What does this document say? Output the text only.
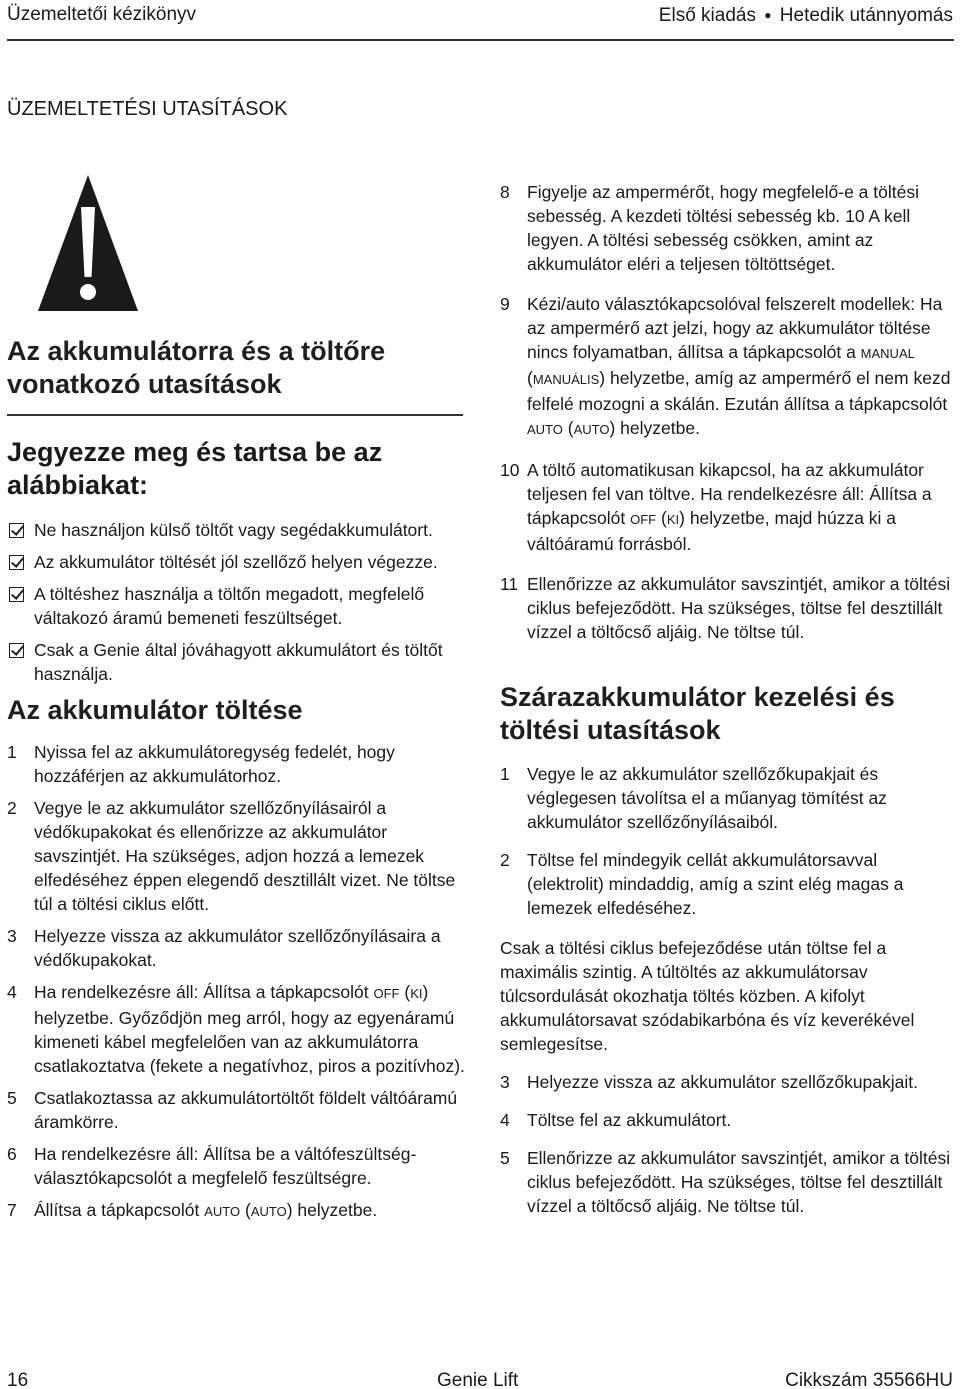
Üzemeltetői kézikönyv	Első kiadás ● Hetedik utánnyomás
ÜZEMELTETÉSI UTASÍTÁSOK
Az akkumulátorra és a töltőre vonatkozó utasítások
Jegyezze meg és tartsa be az alábbiakat:
Ne használjon külső töltőt vagy segédakkumulátort.
Az akkumulátor töltését jól szellőző helyen végezze.
A töltéshez használja a töltőn megadott, megfelelő váltakozó áramú bemeneti feszültséget.
Csak a Genie által jóváhagyott akkumulátort és töltőt használja.
Az akkumulátor töltése
1 Nyissa fel az akkumulátoregység fedelét, hogy hozzáférjen az akkumulátorhoz.
2 Vegye le az akkumulátor szellőzőnyílásairól a védőkupakokat és ellenőrizze az akkumulátor savszintjét. Ha szükséges, adjon hozzá a lemezek elfedéséhez éppen elegendő desztillált vizet. Ne töltse túl a töltési ciklus előtt.
3 Helyezze vissza az akkumulátor szellőzőnyílásaira a védőkupakokat.
4 Ha rendelkezésre áll: Állítsa a tápkapcsolót OFF (KI) helyzetbe. Győződjön meg arról, hogy az egyenáramú kimeneti kábel megfelelően van az akkumulátorra csatlakoztatva (fekete a negatívhoz, piros a pozitívhoz).
5 Csatlakoztassa az akkumulátortöltőt földelt váltóáramú áramkörre.
6 Ha rendelkezésre áll: Állítsa be a váltófeszültség-választókapcsolót a megfelelő feszültségre.
7 Állítsa a tápkapcsolót AUTO (AUTO) helyzetbe.
8 Figyelje az ampermérőt, hogy megfelelő-e a töltési sebesség. A kezdeti töltési sebesség kb. 10 A kell legyen. A töltési sebesség csökken, amint az akkumulátor eléri a teljesen töltöttséget.
9 Kézi/auto választókapcsolóval felszerelt modellek: Ha az ampermérő azt jelzi, hogy az akkumulátor töltése nincs folyamatban, állítsa a tápkapcsolót a MANUAL (MANUÁLIS) helyzetbe, amíg az ampermérő el nem kezd felfelé mozogni a skálán. Ezután állítsa a tápkapcsolót AUTO (AUTO) helyzetbe.
10 A töltő automatikusan kikapcsol, ha az akkumulátor teljesen fel van töltve. Ha rendelkezésre áll: Állítsa a tápkapcsolót OFF (KI) helyzetbe, majd húzza ki a váltóáramú forrásból.
11 Ellenőrizze az akkumulátor savszintjét, amikor a töltési ciklus befejeződött. Ha szükséges, töltse fel desztillált vízzel a töltőcső aljáig. Ne töltse túl.
Szárazakkumulátor kezelési és töltési utasítások
1 Vegye le az akkumulátor szellőzőkupakjait és véglegesen távolítsa el a műanyag tömítést az akkumulátor szellőzőnyílásaiból.
2 Töltse fel mindegyik cellát akkumulátorsavval (elektrolit) mindaddig, amíg a szint elég magas a lemezek elfedéséhez.
Csak a töltési ciklus befejeződése után töltse fel a maximális szintig. A túltöltés az akkumulátorsav túlcsordulását okozhatja töltés közben. A kifolyt akkumulátorsavat szódabikarbóna és víz keverékével semlegesítse.
3 Helyezze vissza az akkumulátor szellőzőkupakjait.
4 Töltse fel az akkumulátort.
5 Ellenőrizze az akkumulátor savszintjét, amikor a töltési ciklus befejeződött. Ha szükséges, töltse fel desztillált vízzel a töltőcső aljáig. Ne töltse túl.
16	Genie Lift	Cikkszám 35566HU
